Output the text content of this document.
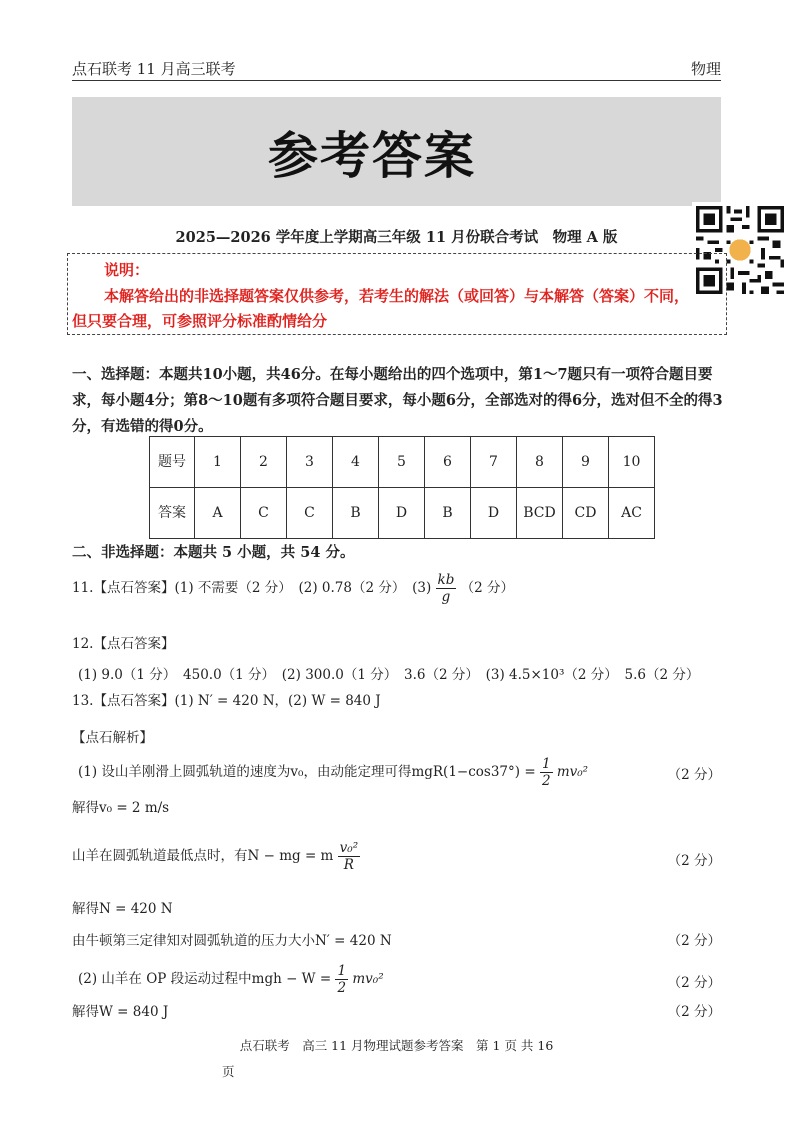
点石联考 11 月高三联考	物理
参考答案
2025—2026 学年度上学期高三年级 11 月份联合考试　物理 A 版
说明：
本解答给出的非选择题答案仅供参考，若考生的解法（或回答）与本解答（答案）不同，
但只要合理，可参照评分标准酌情给分
一、选择题：本题共10小题，共46分。在每小题给出的四个选项中，第1～7题只有一项符合题目要求，每小题4分；第8～10题有多项符合题目要求，每小题6分，全部选对的得6分，选对但不全的得3分，有选错的得0分。
题号	1	2	3	4	5	6	7	8	9	10
答案	A	C	C	B	D	B	D	BCD	CD	AC
二、非选择题：本题共 5 小题，共 54 分。
11.【点石答案】(1) 不需要（2 分）　(2) 0.78（2 分）　$(3) \frac{kb}{g} (2$ 分）
12.【点石答案】
(1) 9.0（1 分）　450.0（1 分）　(2) 300.0（1 分）　3.6（2 分）　(3) 4.5×10³（2 分）　5.6（2 分）
13.【点石答案】(1) N′ = 420 N，(2) W = 840 J
【点石解析】
(1) 设山羊刚滑上圆弧轨道的速度为v₀，由动能定理可得$mgR(1-\cos 37^\circ) = \frac{1}{2} mv_0^2$	（2 分）
解得v₀ = 2 m/s
山羊在圆弧轨道最低点时，有N − mg = m $\frac{\text{v₀²}}{R}$	（2 分）
解得N = 420 N
由牛顿第三定律知对圆弧轨道的压力大小N′ = 420 N	（2 分）
(2) 山羊在 OP 段运动过程中mgh − $W = \frac{1}{2} mv_0^2$	（2 分）
解得W = 840 J	（2 分）
点石联考　高三 11 月物理试题参考答案　第 1 页 共 16
页
